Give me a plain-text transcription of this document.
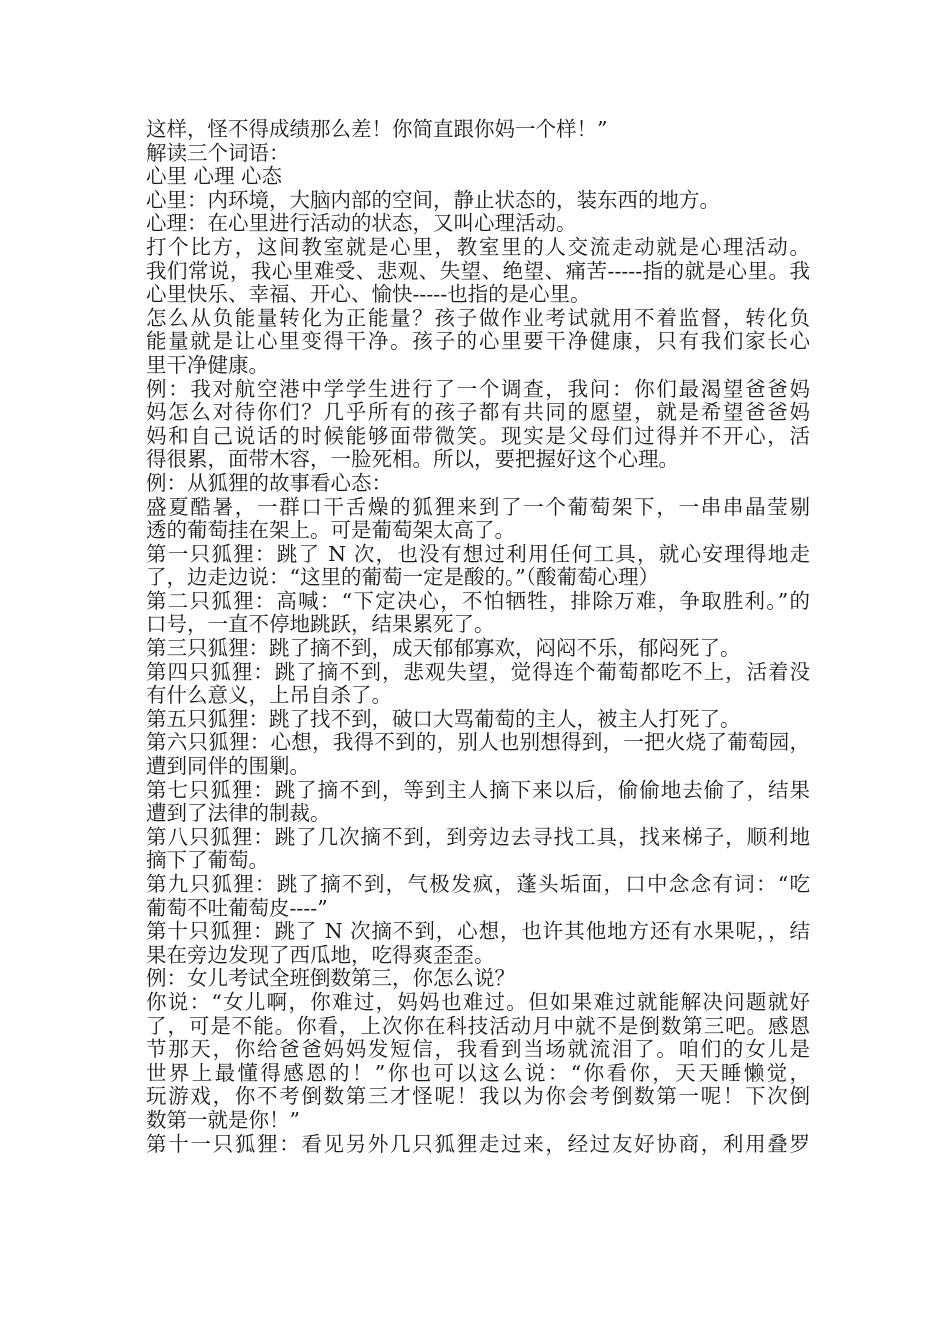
这样，怪不得成绩那么差！你简直跟你妈一个样！”
解读三个词语：
心里 心理 心态
心里：内环境，大脑内部的空间，静止状态的，装东西的地方。
心理：在心里进行活动的状态，又叫心理活动。
打个比方，这间教室就是心里，教室里的人交流走动就是心理活动。
我们常说，我心里难受、悲观、失望、绝望、痛苦-----指的就是心里。我
心里快乐、幸福、开心、愉快-----也指的是心里。
怎么从负能量转化为正能量？孩子做作业考试就用不着监督，转化负
能量就是让心里变得干净。孩子的心里要干净健康，只有我们家长心
里干净健康。
例：我对航空港中学学生进行了一个调查，我问：你们最渴望爸爸妈
妈怎么对待你们？几乎所有的孩子都有共同的愿望，就是希望爸爸妈
妈和自己说话的时候能够面带微笑。现实是父母们过得并不开心，活
得很累，面带木容，一脸死相。所以，要把握好这个心理。
例：从狐狸的故事看心态：
盛夏酷暑，一群口干舌燥的狐狸来到了一个葡萄架下，一串串晶莹剔
透的葡萄挂在架上。可是葡萄架太高了。
第一只狐狸：跳了 N 次，也没有想过利用任何工具，就心安理得地走
了，边走边说：“这里的葡萄一定是酸的。”（酸葡萄心理）
第二只狐狸：高喊：“下定决心，不怕牺牲，排除万难，争取胜利。”的
口号，一直不停地跳跃，结果累死了。
第三只狐狸：跳了摘不到，成天郁郁寡欢，闷闷不乐，郁闷死了。
第四只狐狸：跳了摘不到，悲观失望，觉得连个葡萄都吃不上，活着没
有什么意义，上吊自杀了。
第五只狐狸：跳了找不到，破口大骂葡萄的主人，被主人打死了。
第六只狐狸：心想，我得不到的，别人也别想得到，一把火烧了葡萄园，
遭到同伴的围剿。
第七只狐狸：跳了摘不到，等到主人摘下来以后，偷偷地去偷了，结果
遭到了法律的制裁。
第八只狐狸：跳了几次摘不到，到旁边去寻找工具，找来梯子，顺利地
摘下了葡萄。
第九只狐狸：跳了摘不到，气极发疯，蓬头垢面，口中念念有词：“吃
葡萄不吐葡萄皮----”
第十只狐狸：跳了 N 次摘不到，心想，也许其他地方还有水果呢，，结
果在旁边发现了西瓜地，吃得爽歪歪。
例：女儿考试全班倒数第三，你怎么说？
你说：“女儿啊，你难过，妈妈也难过。但如果难过就能解决问题就好
了，可是不能。你看，上次你在科技活动月中就不是倒数第三吧。感恩
节那天，你给爸爸妈妈发短信，我看到当场就流泪了。咱们的女儿是
世界上最懂得感恩的！”你也可以这么说：“你看你，天天睡懒觉，
玩游戏，你不考倒数第三才怪呢！我以为你会考倒数第一呢！下次倒
数第一就是你！”
第十一只狐狸：看见另外几只狐狸走过来，经过友好协商，利用叠罗
